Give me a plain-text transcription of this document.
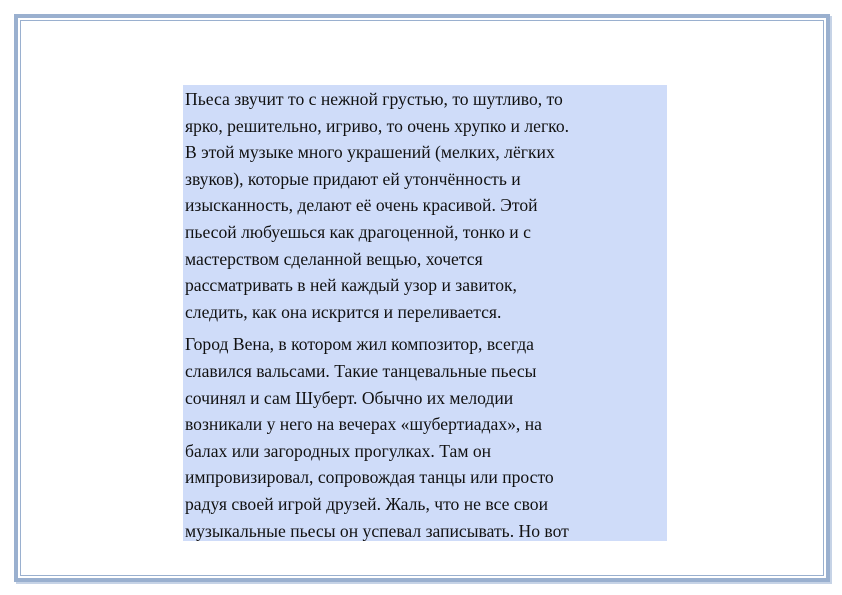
Пьеса звучит то с нежной грустью, то шутливо, то
ярко, решительно, игриво, то очень хрупко и легко.
В этой музыке много украшений (мелких, лёгких
звуков), которые придают ей утончённость и
изысканность, делают её очень красивой. Этой
пьесой любуешься как драгоценной, тонко и с
мастерством сделанной вещью, хочется
рассматривать в ней каждый узор и завиток,
следить, как она искрится и переливается.

Город Вена, в котором жил композитор, всегда
славился вальсами. Такие танцевальные пьесы
сочинял и сам Шуберт. Обычно их мелодии
возникали у него на вечерах «шубертиадах», на
балах или загородных прогулках. Там он
импровизировал, сопровождая танцы или просто
радуя своей игрой друзей. Жаль, что не все свои
музыкальные пьесы он успевал записывать. Но вот
